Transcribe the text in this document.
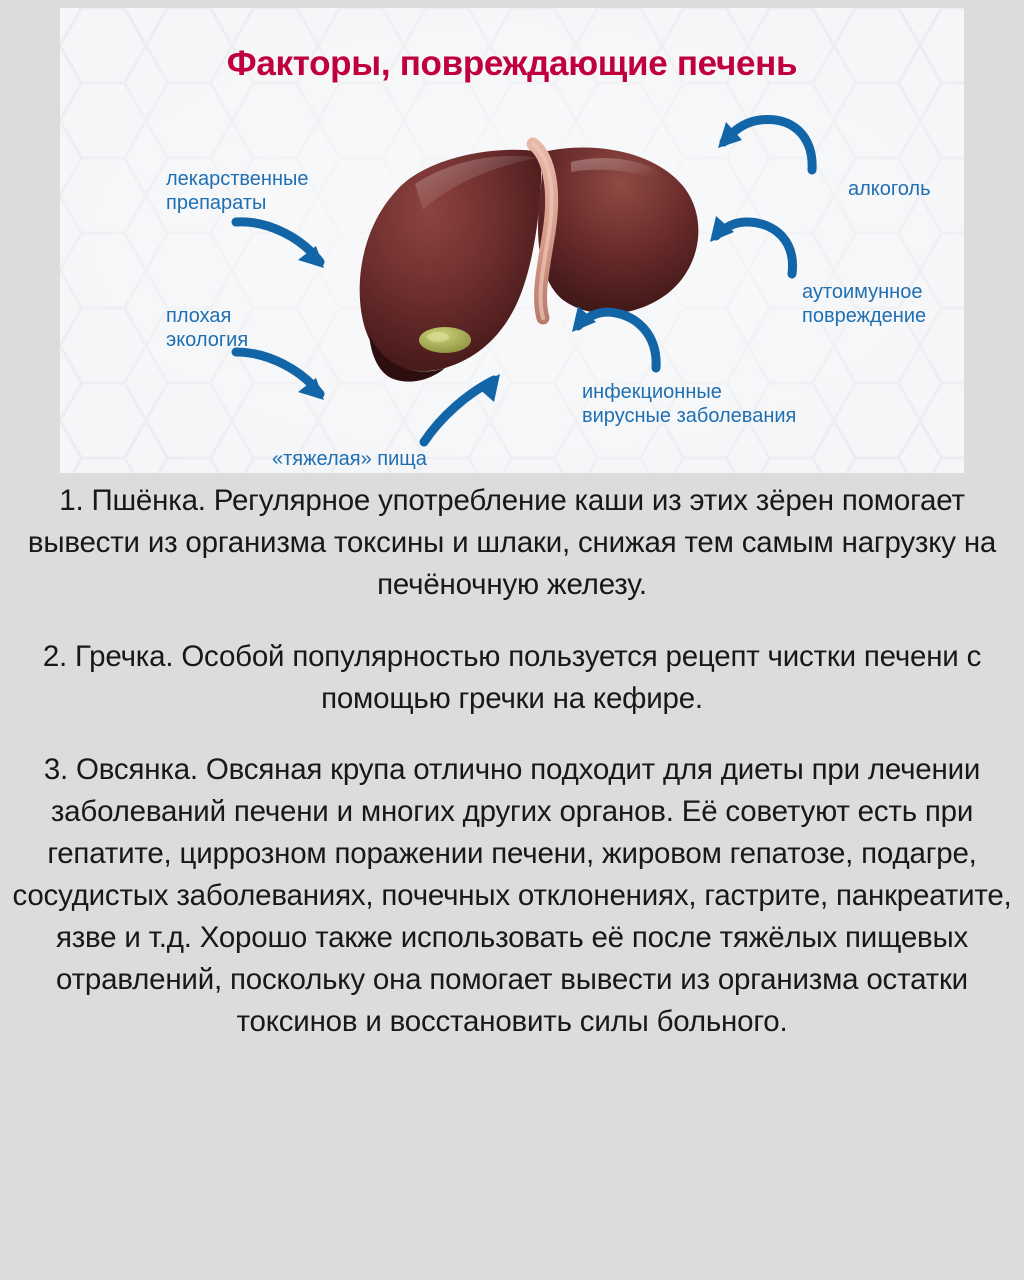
Факторы, повреждающие печень
лекарственные
препараты
плохая
экология
«тяжелая» пища
алкоголь
аутоимунное
повреждение
инфекционные
вирусные заболевания

1. Пшёнка. Регулярное употребление каши из этих зёрен помогает вывести из организма токсины и шлаки, снижая тем самым нагрузку на печёночную железу.

2. Гречка. Особой популярностью пользуется рецепт чистки печени с помощью гречки на кефире.

3. Овсянка. Овсяная крупа отлично подходит для диеты при лечении заболеваний печени и многих других органов. Её советуют есть при гепатите, циррозном поражении печени, жировом гепатозе, подагре, сосудистых заболеваниях, почечных отклонениях, гастрите, панкреатите, язве и т.д. Хорошо также использовать её после тяжёлых пищевых отравлений, поскольку она помогает вывести из организма остатки токсинов и восстановить силы больного.
